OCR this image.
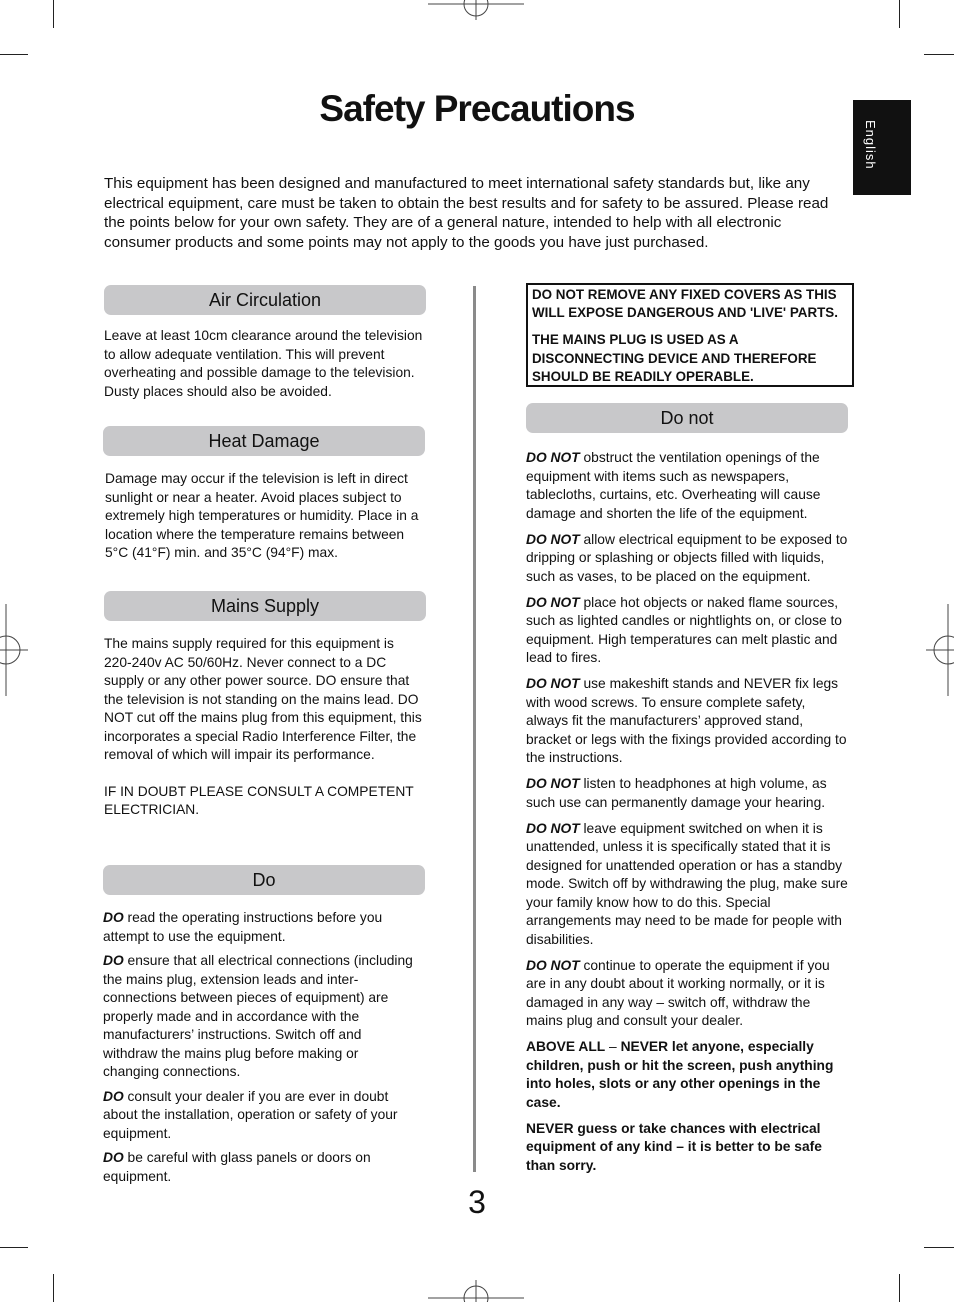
Safety Precautions
English

This equipment has been designed and manufactured to meet international safety standards but, like any electrical equipment, care must be taken to obtain the best results and for safety to be assured. Please read the points below for your own safety. They are of a general nature, intended to help with all electronic consumer products and some points may not apply to the goods you have just purchased.

Air Circulation

Leave at least 10cm clearance around the television to allow adequate ventilation. This will prevent overheating and possible damage to the television. Dusty places should also be avoided.

Heat Damage

Damage may occur if the television is left in direct sunlight or near a heater. Avoid places subject to extremely high temperatures or humidity. Place in a location where the temperature remains between 5°C (41°F) min. and 35°C (94°F) max.

Mains Supply

The mains supply required for this equipment is 220-240v AC 50/60Hz. Never connect to a DC supply or any other power source. DO ensure that the television is not standing on the mains lead. DO NOT cut off the mains plug from this equipment, this incorporates a special Radio Interference Filter, the removal of which will impair its performance.

IF IN DOUBT PLEASE CONSULT A COMPETENT ELECTRICIAN.

Do

DO read the operating instructions before you attempt to use the equipment.

DO ensure that all electrical connections (including the mains plug, extension leads and inter-connections between pieces of equipment) are properly made and in accordance with the manufacturers’ instructions. Switch off and withdraw the mains plug before making or changing connections.

DO consult your dealer if you are ever in doubt about the installation, operation or safety of your equipment.

DO be careful with glass panels or doors on equipment.

DO NOT REMOVE ANY FIXED COVERS AS THIS WILL EXPOSE DANGEROUS AND 'LIVE' PARTS.

THE MAINS PLUG IS USED AS A DISCONNECTING DEVICE AND THEREFORE SHOULD BE READILY OPERABLE.

Do not

DO NOT obstruct the ventilation openings of the equipment with items such as newspapers, tablecloths, curtains, etc. Overheating will cause damage and shorten the life of the equipment.

DO NOT allow electrical equipment to be exposed to dripping or splashing or objects filled with liquids, such as vases, to be placed on the equipment.

DO NOT place hot objects or naked flame sources, such as lighted candles or nightlights on, or close to equipment. High temperatures can melt plastic and lead to fires.

DO NOT use makeshift stands and NEVER fix legs with wood screws. To ensure complete safety, always fit the manufacturers’ approved stand, bracket or legs with the fixings provided according to the instructions.

DO NOT listen to headphones at high volume, as such use can permanently damage your hearing.

DO NOT leave equipment switched on when it is unattended, unless it is specifically stated that it is designed for unattended operation or has a standby mode. Switch off by withdrawing the plug, make sure your family know how to do this. Special arrangements may need to be made for people with disabilities.

DO NOT continue to operate the equipment if you are in any doubt about it working normally, or it is damaged in any way – switch off, withdraw the mains plug and consult your dealer.

ABOVE ALL – NEVER let anyone, especially children, push or hit the screen, push anything into holes, slots or any other openings in the case.

NEVER guess or take chances with electrical equipment of any kind – it is better to be safe than sorry.

3
